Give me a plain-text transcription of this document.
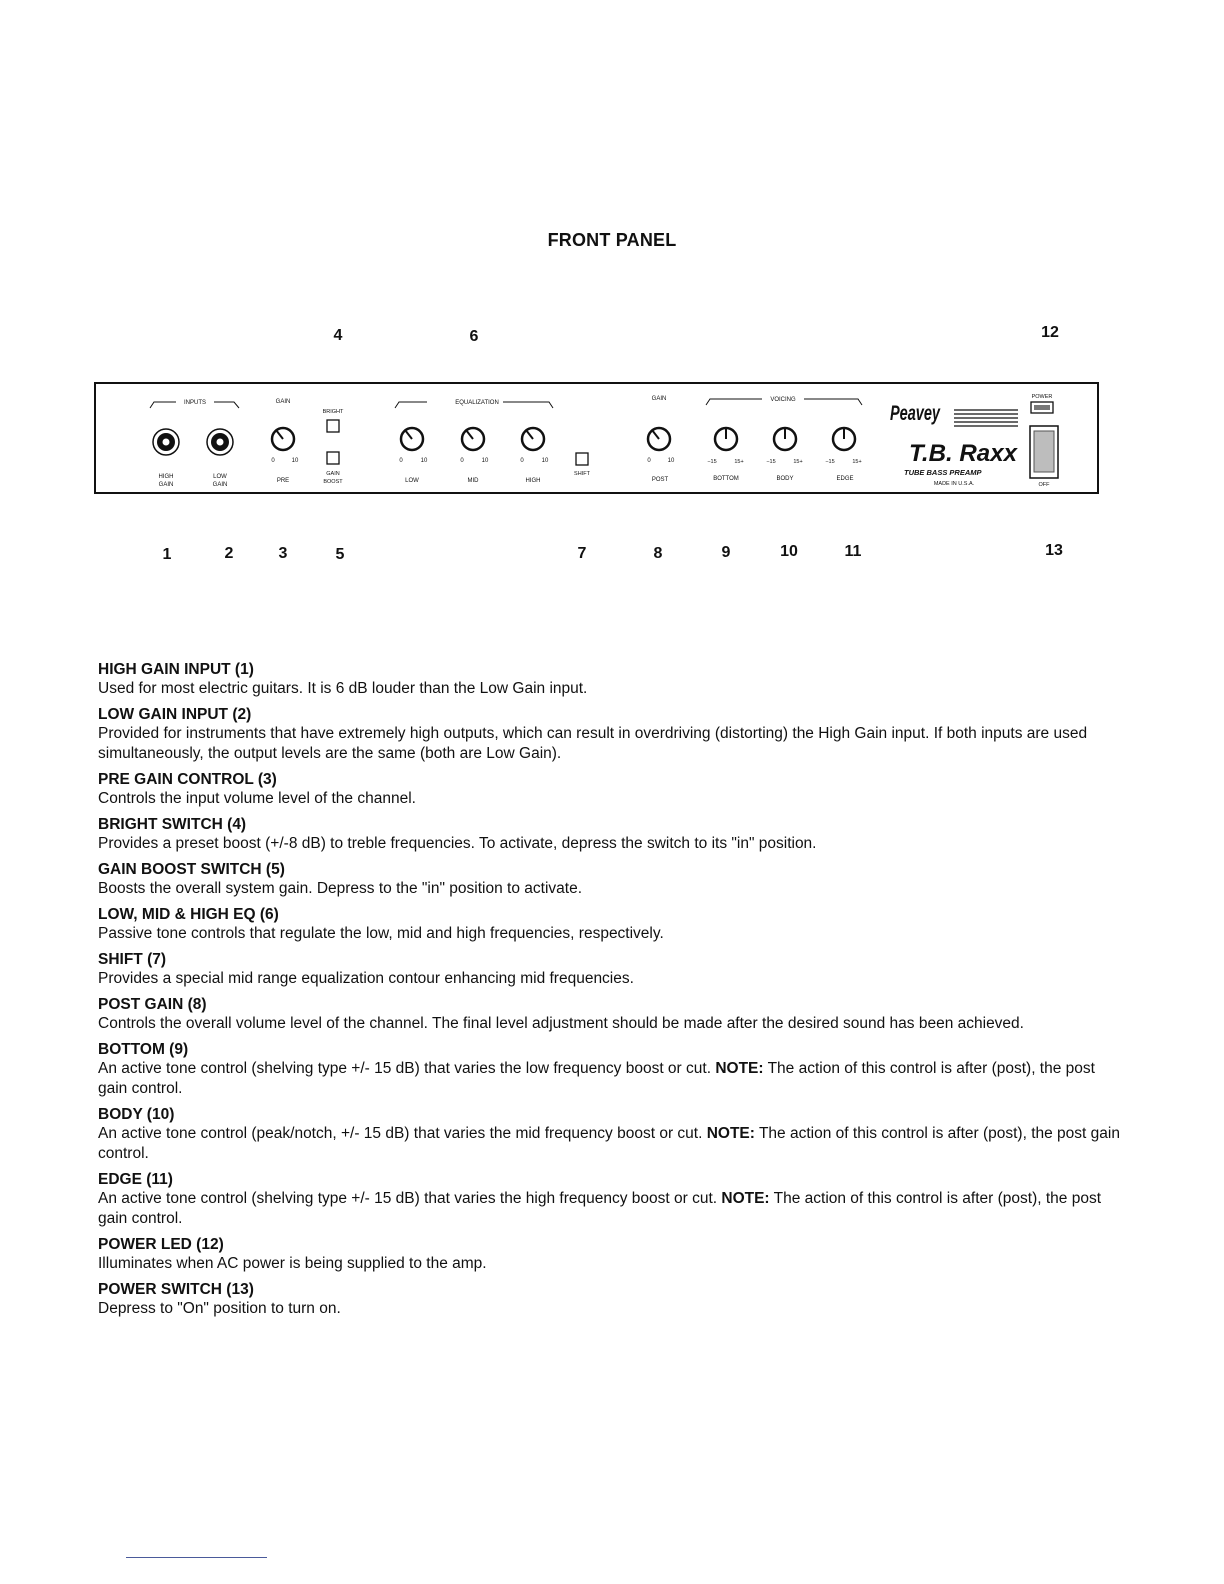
FRONT PANEL
4	6	12
INPUTS
HIGH
GAIN
LOW
GAIN
GAIN
0	10
PRE
BRIGHT
GAIN
BOOST
EQUALIZATION
0	10	0	10	0	10
LOW	MID	HIGH
SHIFT
GAIN
0	10
POST
VOICING
−15	15+	−15	15+	−15	15+
BOTTOM	BODY	EDGE
Peavey
T.B. Raxx
TUBE BASS PREAMP
MADE IN U.S.A.
POWER
OFF
1	2	3	5	7	8	9	10	11	13
HIGH GAIN INPUT (1)
Used for most electric guitars. It is 6 dB louder than the Low Gain input.
LOW GAIN INPUT (2)
Provided for instruments that have extremely high outputs, which can result in overdriving (distorting) the High Gain input. If both inputs are used simultaneously, the output levels are the same (both are Low Gain).
PRE GAIN CONTROL (3)
Controls the input volume level of the channel.
BRIGHT SWITCH (4)
Provides a preset boost (+/-8 dB) to treble frequencies. To activate, depress the switch to its "in" position.
GAIN BOOST SWITCH (5)
Boosts the overall system gain. Depress to the "in" position to activate.
LOW, MID & HIGH EQ (6)
Passive tone controls that regulate the low, mid and high frequencies, respectively.
SHIFT (7)
Provides a special mid range equalization contour enhancing mid frequencies.
POST GAIN (8)
Controls the overall volume level of the channel. The final level adjustment should be made after the desired sound has been achieved.
BOTTOM (9)
An active tone control (shelving type +/- 15 dB) that varies the low frequency boost or cut. NOTE: The action of this control is after (post), the post gain control.
BODY (10)
An active tone control (peak/notch, +/- 15 dB) that varies the mid frequency boost or cut. NOTE: The action of this control is after (post), the post gain control.
EDGE (11)
An active tone control (shelving type +/- 15 dB) that varies the high frequency boost or cut. NOTE: The action of this control is after (post), the post gain control.
POWER LED (12)
Illuminates when AC power is being supplied to the amp.
POWER SWITCH (13)
Depress to "On" position to turn on.
